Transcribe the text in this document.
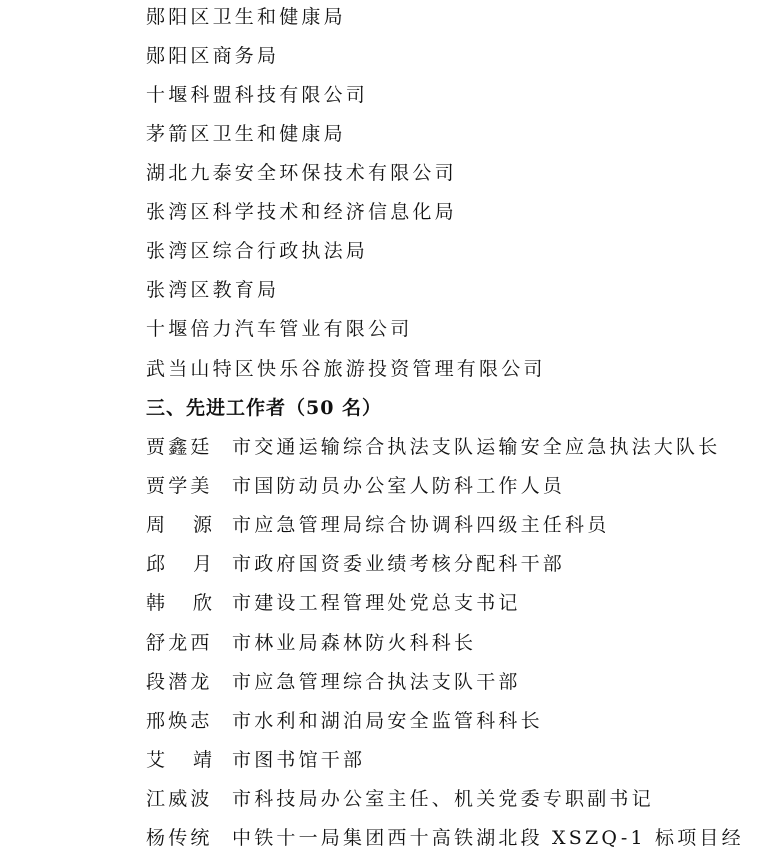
郧阳区卫生和健康局
郧阳区商务局
十堰科盟科技有限公司
茅箭区卫生和健康局
湖北九泰安全环保技术有限公司
张湾区科学技术和经济信息化局
张湾区综合行政执法局
张湾区教育局
十堰倍力汽车管业有限公司
武当山特区快乐谷旅游投资管理有限公司
三、先进工作者（50 名）
贾鑫廷 市交通运输综合执法支队运输安全应急执法大队长
贾学美 市国防动员办公室人防科工作人员
周源市应急管理局综合协调科四级主任科员
邱月市政府国资委业绩考核分配科干部
韩欣市建设工程管理处党总支书记
舒龙西 市林业局森林防火科科长
段潜龙 市应急管理综合执法支队干部
邢焕志 市水利和湖泊局安全监管科科长
艾靖市图书馆干部
江威波 市科技局办公室主任、机关党委专职副书记
杨传统 中铁十一局集团西十高铁湖北段 XSZQ-1 标项目经
